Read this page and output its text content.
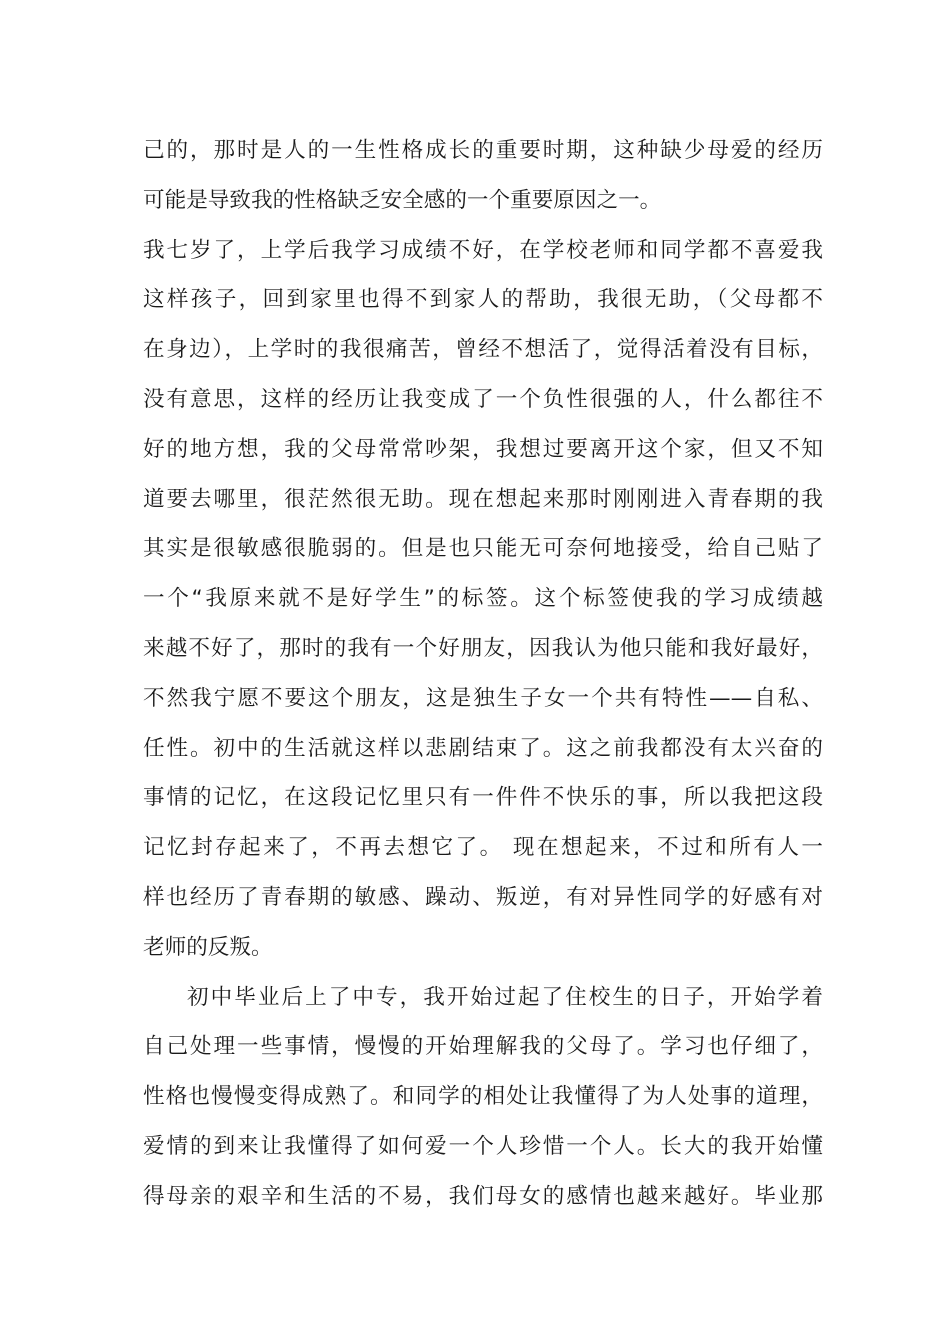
己的，那时是人的一生性格成长的重要时期，这种缺少母爱的经历
可能是导致我的性格缺乏安全感的一个重要原因之一。
我七岁了，上学后我学习成绩不好，在学校老师和同学都不喜爱我
这样孩子，回到家里也得不到家人的帮助，我很无助，（父母都不
在身边），上学时的我很痛苦，曾经不想活了，觉得活着没有目标，
没有意思，这样的经历让我变成了一个负性很强的人，什么都往不
好的地方想，我的父母常常吵架，我想过要离开这个家，但又不知
道要去哪里，很茫然很无助。现在想起来那时刚刚进入青春期的我
其实是很敏感很脆弱的。但是也只能无可奈何地接受，给自己贴了
一个“我原来就不是好学生”的标签。这个标签使我的学习成绩越
来越不好了，那时的我有一个好朋友，因我认为他只能和我好最好，
不然我宁愿不要这个朋友，这是独生子女一个共有特性——自私、
任性。初中的生活就这样以悲剧结束了。这之前我都没有太兴奋的
事情的记忆，在这段记忆里只有一件件不快乐的事，所以我把这段
记忆封存起来了，不再去想它了。 现在想起来，不过和所有人一
样也经历了青春期的敏感、躁动、叛逆，有对异性同学的好感有对
老师的反叛。
初中毕业后上了中专，我开始过起了住校生的日子，开始学着
自己处理一些事情，慢慢的开始理解我的父母了。学习也仔细了，
性格也慢慢变得成熟了。和同学的相处让我懂得了为人处事的道理，
爱情的到来让我懂得了如何爱一个人珍惜一个人。长大的我开始懂
得母亲的艰辛和生活的不易，我们母女的感情也越来越好。毕业那
